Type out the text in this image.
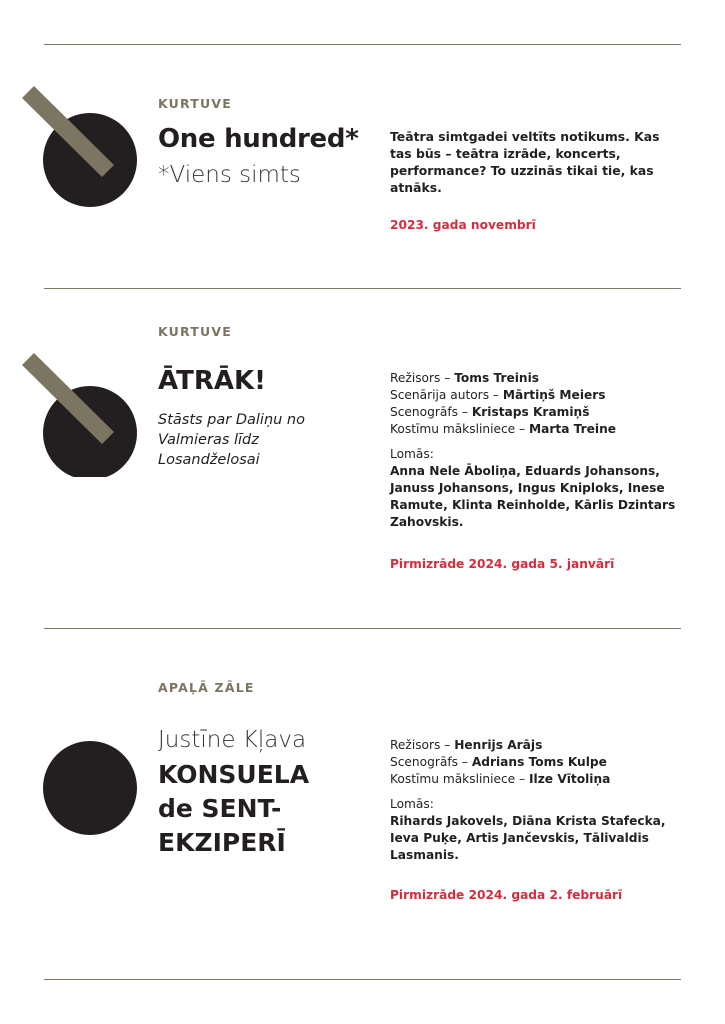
KURTUVE
One hundred*
*Viens simts
Teātra simtgadei veltīts notikums. Kas tas būs – teātra izrāde, koncerts, performance? To uzzinās tikai tie, kas atnāks.
2023. gada novembrī
KURTUVE
ĀTRĀK!
Stāsts par Daliņu no
Valmieras līdz
Losandželosai
Režisors – Toms Treinis
Scenārija autors – Mārtiņš Meiers
Scenogrāfs – Kristaps Kramiņš
Kostīmu māksliniece – Marta Treine
Lomās:
Anna Nele Āboliņa, Eduards Johansons,
Januss Johansons, Ingus Kniploks, Inese
Ramute, Klinta Reinholde, Kārlis Dzintars
Zahovskis.
Pirmizrāde 2024. gada 5. janvārī
APAĻĀ ZĀLE
Justīne Kļava
KONSUELA
de SENT-
EKZIPERĪ
Režisors – Henrijs Arājs
Scenogrāfs – Adrians Toms Kulpe
Kostīmu māksliniece – Ilze Vītoliņa
Lomās:
Rihards Jakovels, Diāna Krista Stafecka,
Ieva Puķe, Artis Jančevskis, Tālivaldis
Lasmanis.
Pirmizrāde 2024. gada 2. februārī
